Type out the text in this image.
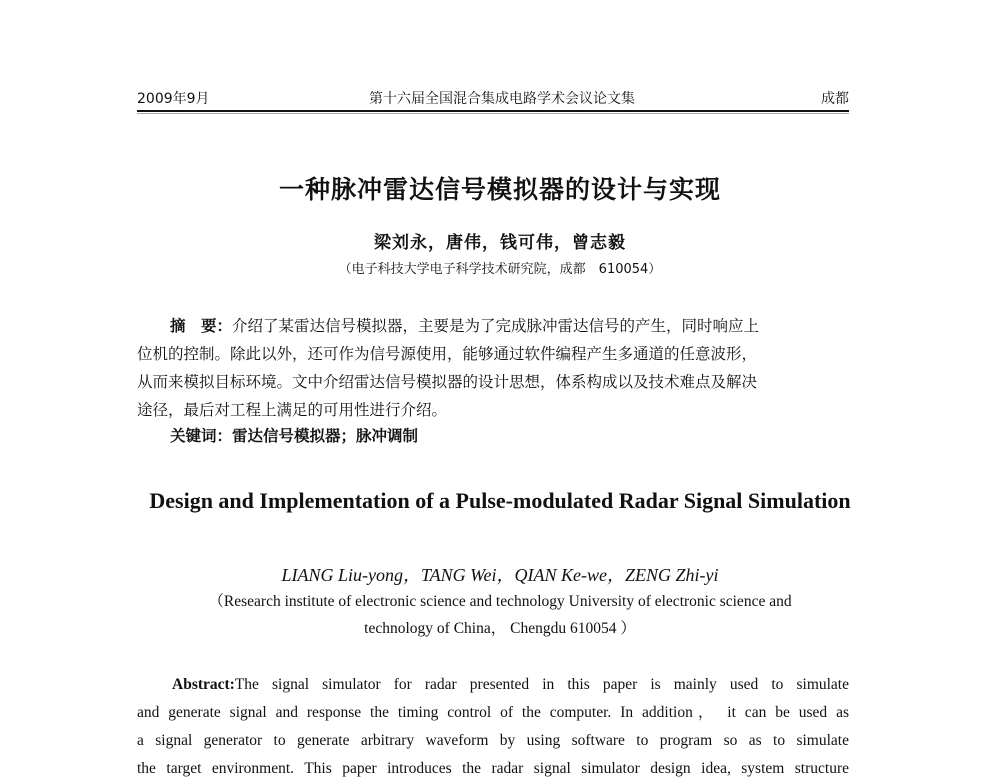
2009年9月	第十六届全国混合集成电路学术会议论文集	成都
一种脉冲雷达信号模拟器的设计与实现
梁刘永，唐伟，钱可伟，曾志毅
（电子科技大学电子科学技术研究院，成都　610054）
摘　要：介绍了某雷达信号模拟器，主要是为了完成脉冲雷达信号的产生，同时响应上
位机的控制。除此以外，还可作为信号源使用，能够通过软件编程产生多通道的任意波形，
从而来模拟目标环境。文中介绍雷达信号模拟器的设计思想，体系构成以及技术难点及解决
途径，最后对工程上满足的可用性进行介绍。
关键词：雷达信号模拟器；脉冲调制
Design and Implementation of a Pulse-modulated Radar Signal Simulation
LIANG Liu-yong，TANG Wei，QIAN Ke-we，ZENG Zhi-yi
（Research institute of electronic science and technology University of electronic science and
technology of China， Chengdu 610054 ）
Abstract:The signal simulator for radar presented in this paper is mainly used to simulate
and generate signal and response the timing control of the computer. In addition， it can be used as
a signal generator to generate arbitrary waveform by using software to program so as to simulate
the target environment. This paper introduces the radar signal simulator design idea, system structure
